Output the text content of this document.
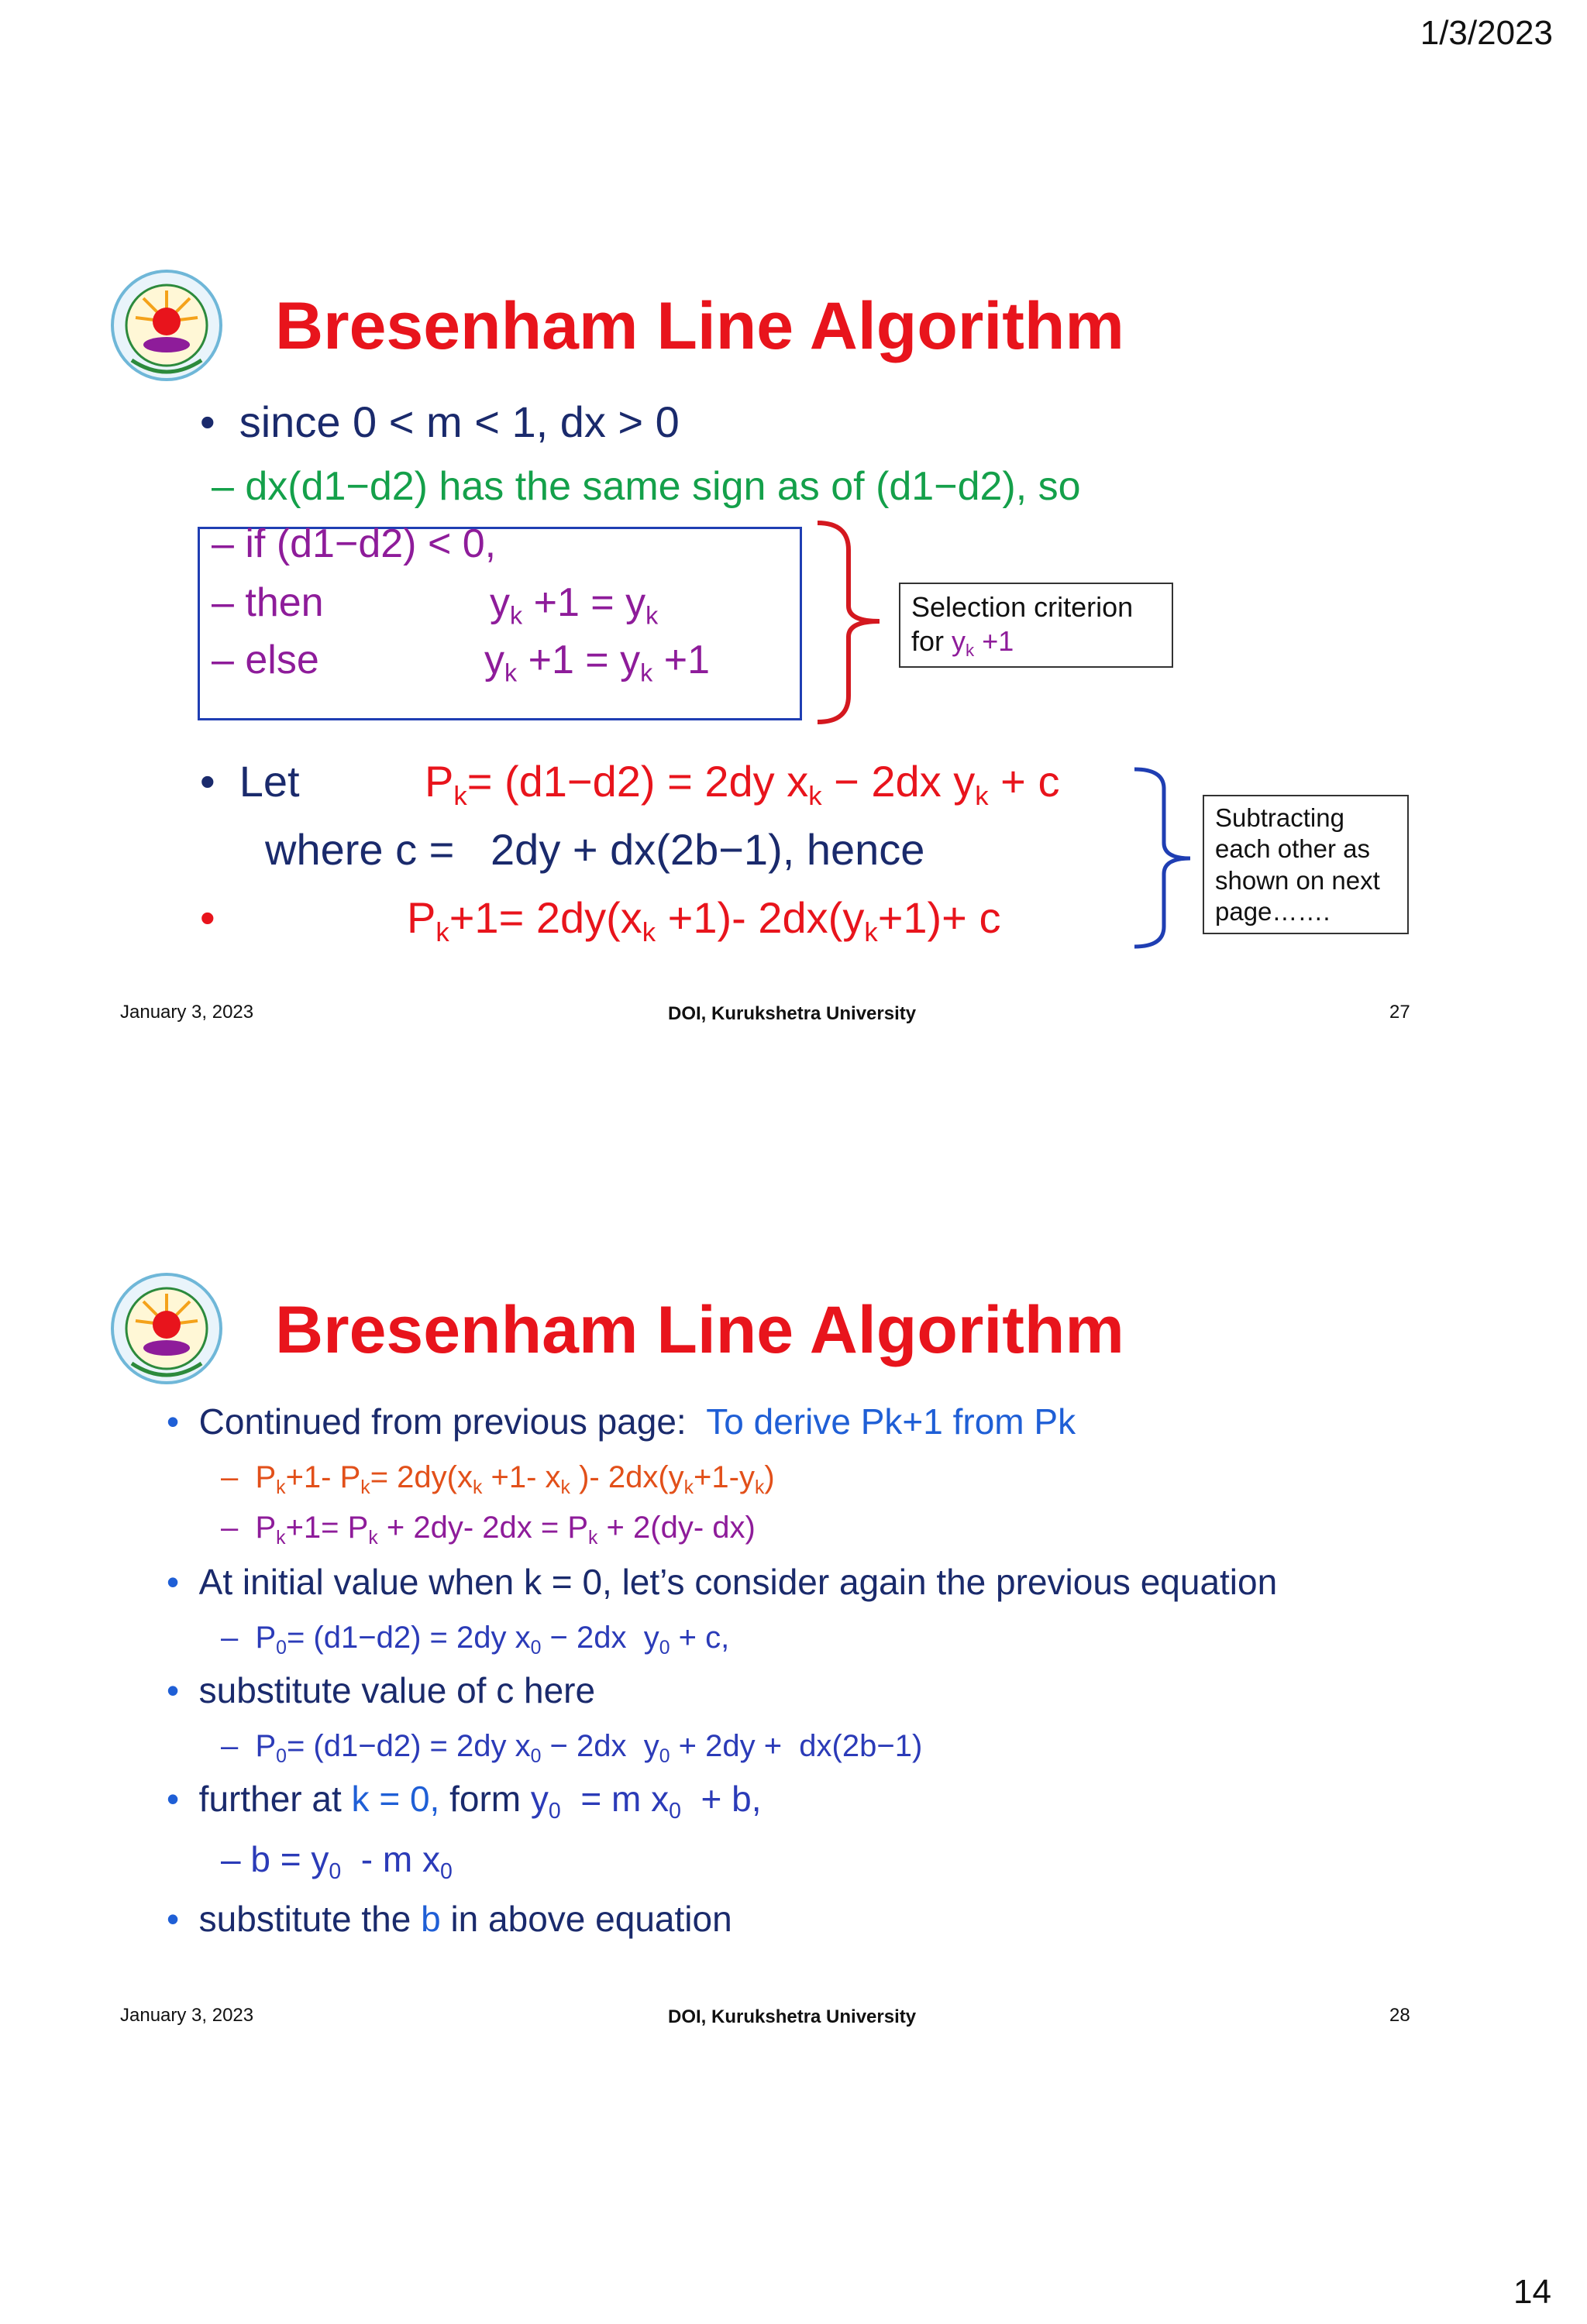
1/3/2023
Bresenham Line Algorithm
•  since 0 < m < 1, dx > 0
– dx(d1−d2) has the same sign as of (d1−d2), so
– if (d1−d2) < 0,
– then	$y_k +1 = y_k$
– else	$y_k +1 = y_k +1$
Selection criterion
for $y_k +1$
•  Let	$P_k= (d1-d2) = 2dy$ $x_k - 2dx$ $y_k + c$
where c = 2dy + dx(2b−1), hence
•	$P_k+1= 2dy(x_k +1)-$ $2dx(y_k+1)+ c$
Subtracting each other as shown on next page…….
January 3, 2023	DOI, Kurukshetra University	27
Bresenham Line Algorithm
•  Continued from previous page: To derive Pk+1 from Pk
–  $P_k+1-$ $P_k= 2dy(x_k +1-$ $x_k$ )- $2dx(y_k+1-y_k)$
–  $P_k+1= P_k + 2dy-$ $2dx = P_k + 2(dy-$ dx)
•  At initial value when k = 0, let’s consider again the previous equation
–  $P_0= (d1-d2) = 2dy$ $x_0 - 2dx$  $y_0 + c$,
•  substitute value of c here
–  $P_0= (d1-d2) = 2dy$ $x_0 - 2dx$  $y_0 + 2dy + dx(2b-1)$
•  further at k = 0, form $y_0 = m$ $x_0 + b$,
– $b = y_0 - m$ $x_0$
•  substitute the b in above equation
January 3, 2023	DOI, Kurukshetra University	28
14
